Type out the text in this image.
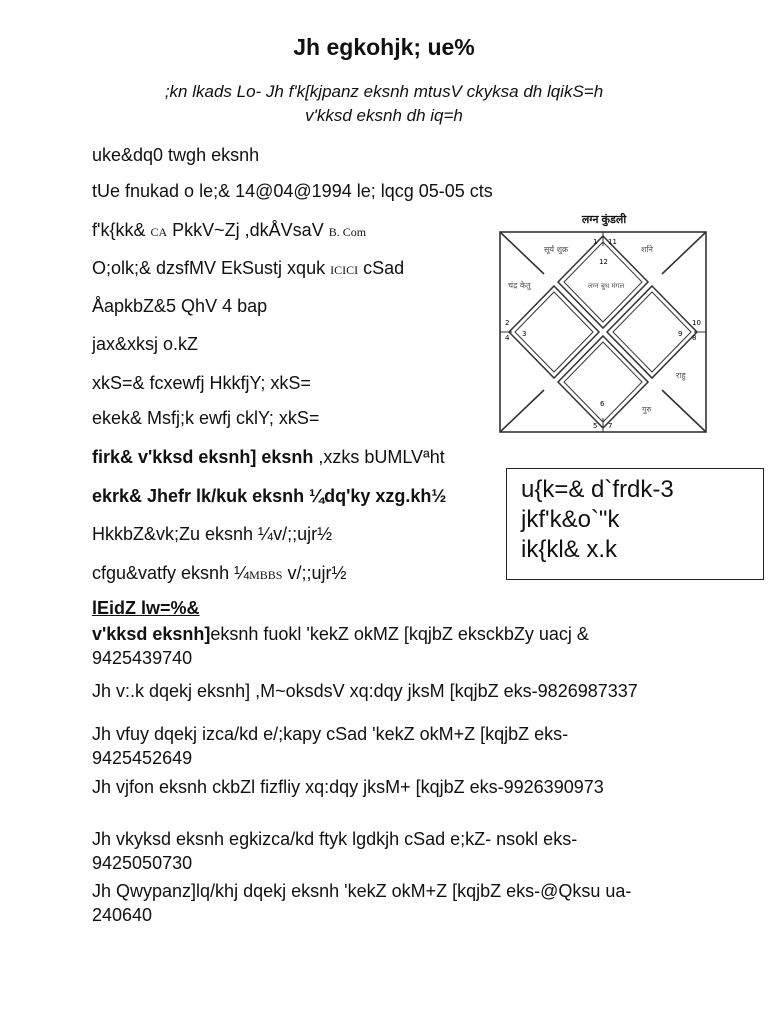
Jh egkohjk; ue%
;kn lkads Lo- Jh f'k[kjpanz eksnh mtusV ckyksa dh lqikS=h
v'kksd eksnh dh iq=h
uke&dq0 twgh eksnh
tUe fnukad o le;& 14@04@1994 le; lqcg 05-05 cts
f'k{kk& CA PkkV~Zj ,dkÅVsaV B. Com
O;olk;& dzsfMV EkSustj xquk ICICI cSad
ÅapkbZ&5 QhV 4 bap
jax&xksj o.kZ
xkS=& fcxewfj HkkfjY; xkS=
ekek& Msfj;k ewfj cklY; xkS=
firk& v'kksd eksnh] eksnh ,xzks bUMLVªht
ekrk& Jhefr lk/kuk eksnh ¼dq'ky xzg.kh½
HkkbZ&vk;Zu eksnh ¼v/;;ujr½
cfgu&vatfy eksnh ¼MBBS v/;;ujr½
u{k=& d`frdk-3
jkf'k&o`"k
ik{kl& x.k
lEidZ lw=%&
v'kksd eksnh]eksnh fuokl 'kekZ okMZ [kqjbZ eksckbZy uacj & 9425439740
Jh v:.k dqekj eksnh] ,M~oksdsV xq:dqy jksM [kqjbZ eks-9826987337
Jh vfuy dqekj izca/kd e/;kapy cSad 'kekZ okM+Z [kqjbZ eks-9425452649
Jh vjfon eksnh ckbZl fizfliy xq:dqy jksM+ [kqjbZ eks-9926390973
Jh vkyksd eksnh egkizca/kd ftyk lgdkjh cSad e;kZ- nsokl eks-9425050730
Jh Qwypanz]lq/khj dqekj eksnh 'kekZ okM+Z [kqjbZ eks-@Qksu ua- 240640
लग्न कुंडली
1 11
12
2
3
4	8
9
10
6
5 7
सूर्य शुक्र	शनि
लग्न बुध मंगल
चंद्र केतु
राहु
गुरु
